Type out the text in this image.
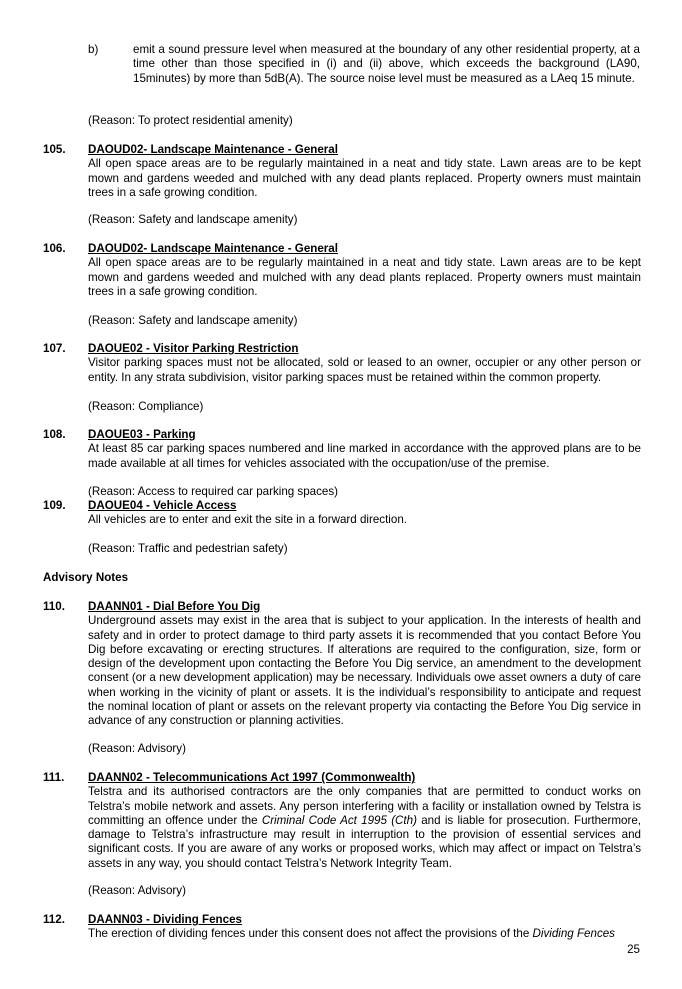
b)	emit a sound pressure level when measured at the boundary of any other residential property, at a time other than those specified in (i) and (ii) above, which exceeds the background (LA90, 15minutes) by more than 5dB(A). The source noise level must be measured as a LAeq 15 minute.
(Reason: To protect residential amenity)
105. DAOUD02- Landscape Maintenance - General
All open space areas are to be regularly maintained in a neat and tidy state. Lawn areas are to be kept mown and gardens weeded and mulched with any dead plants replaced. Property owners must maintain trees in a safe growing condition.
(Reason: Safety and landscape amenity)
106. DAOUD02- Landscape Maintenance - General
All open space areas are to be regularly maintained in a neat and tidy state. Lawn areas are to be kept mown and gardens weeded and mulched with any dead plants replaced. Property owners must maintain trees in a safe growing condition.
(Reason: Safety and landscape amenity)
107. DAOUE02 - Visitor Parking Restriction
Visitor parking spaces must not be allocated, sold or leased to an owner, occupier or any other person or entity. In any strata subdivision, visitor parking spaces must be retained within the common property.
(Reason: Compliance)
108. DAOUE03 - Parking
At least 85 car parking spaces numbered and line marked in accordance with the approved plans are to be made available at all times for vehicles associated with the occupation/use of the premise.
(Reason: Access to required car parking spaces)
109. DAOUE04 - Vehicle Access
All vehicles are to enter and exit the site in a forward direction.
(Reason: Traffic and pedestrian safety)
Advisory Notes
110. DAANN01 - Dial Before You Dig
Underground assets may exist in the area that is subject to your application. In the interests of health and safety and in order to protect damage to third party assets it is recommended that you contact Before You Dig before excavating or erecting structures. If alterations are required to the configuration, size, form or design of the development upon contacting the Before You Dig service, an amendment to the development consent (or a new development application) may be necessary. Individuals owe asset owners a duty of care when working in the vicinity of plant or assets. It is the individual’s responsibility to anticipate and request the nominal location of plant or assets on the relevant property via contacting the Before You Dig service in advance of any construction or planning activities.
(Reason: Advisory)
111. DAANN02 - Telecommunications Act 1997 (Commonwealth)
Telstra and its authorised contractors are the only companies that are permitted to conduct works on Telstra’s mobile network and assets. Any person interfering with a facility or installation owned by Telstra is committing an offence under the Criminal Code Act 1995 (Cth) and is liable for prosecution. Furthermore, damage to Telstra’s infrastructure may result in interruption to the provision of essential services and significant costs. If you are aware of any works or proposed works, which may affect or impact on Telstra’s assets in any way, you should contact Telstra’s Network Integrity Team.
(Reason: Advisory)
112. DAANN03 - Dividing Fences
The erection of dividing fences under this consent does not affect the provisions of the Dividing Fences
25
